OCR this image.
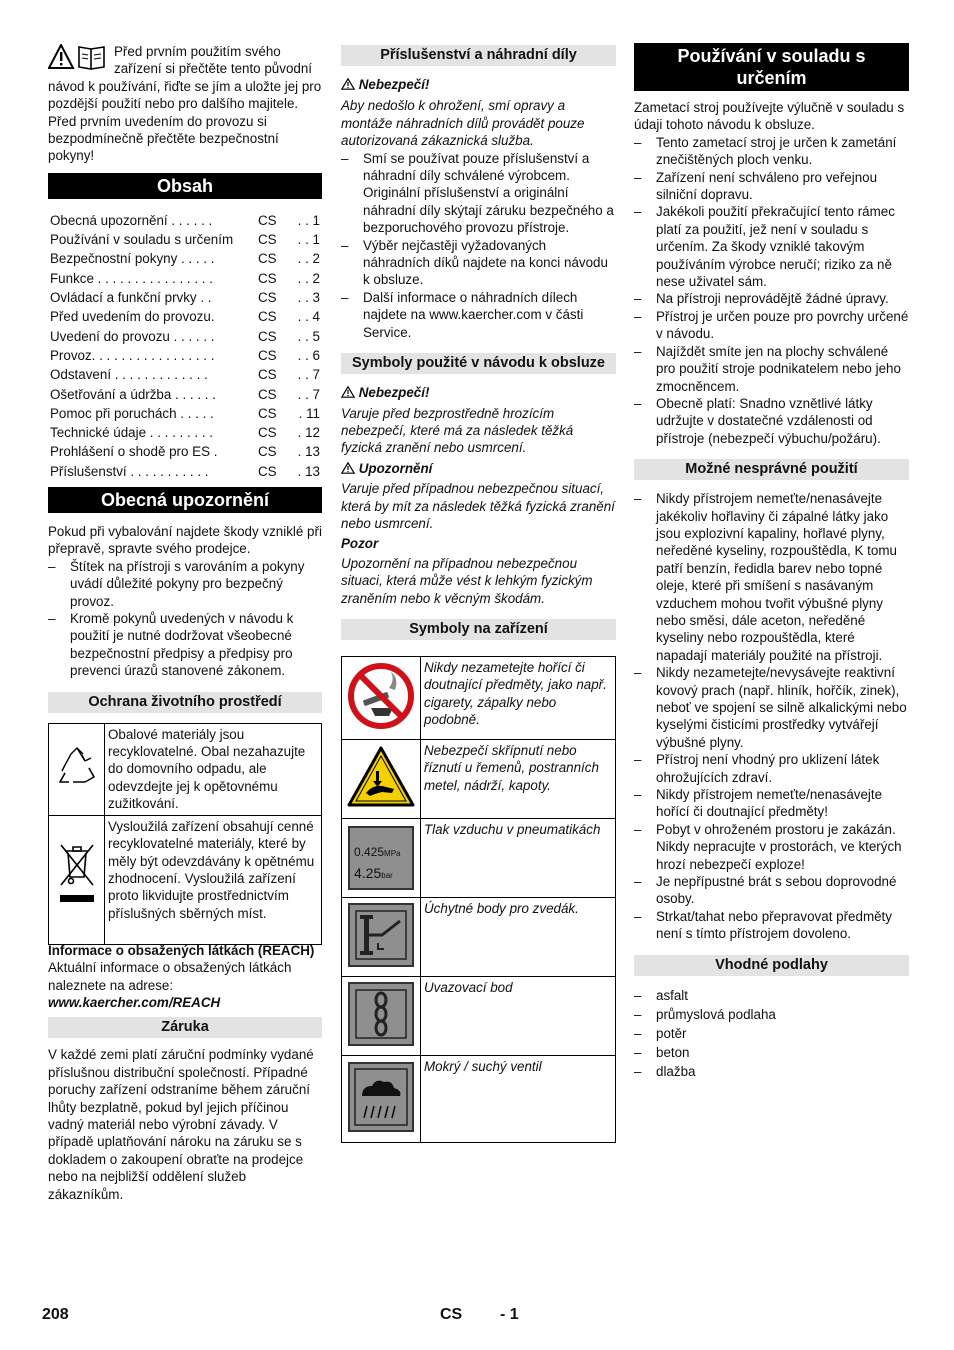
Před prvním použitím svého zařízení si přečtěte tento původní návod k používání, řiďte se jím a uložte jej pro pozdější použití nebo pro dalšího majitele.

Před prvním uvedením do provozu si bezpodmínečně přečtěte bezpečnostní pokyny!

Obsah
Obecná upozornění . . . . . .	CS	. . 1
Používání v souladu s určením	CS	. . 1
Bezpečnostní pokyny . . . . .	CS	. . 2
Funkce . . . . . . . . . . . . . . . .	CS	. . 2
Ovládací a funkční prvky . .	CS	. . 3
Před uvedením do provozu.	CS	. . 4
Uvedení do provozu . . . . . .	CS	. . 5
Provoz. . . . . . . . . . . . . . . . .	CS	. . 6
Odstavení . . . . . . . . . . . . .	CS	. . 7
Ošetřování a údržba . . . . . .	CS	. . 7
Pomoc při poruchách . . . . .	CS	. 11
Technické údaje . . . . . . . . .	CS	. 12
Prohlášení o shodě pro ES .	CS	. 13
Příslušenství . . . . . . . . . . .	CS	. 13
Obecná upozornění

Pokud při vybalování najdete škody vzniklé při přepravě, spravte svého prodejce.

– Štítek na přístroji s varováním a pokyny uvádí důležité pokyny pro bezpečný provoz.
– Kromě pokynů uvedených v návodu k použití je nutné dodržovat všeobecné bezpečnostní předpisy a předpisy pro prevenci úrazů stanovené zákonem.
Ochrana životního prostředí
	Obalové materiály jsou recyklovatelné. Obal nezahazujte do domovního odpadu, ale odevzdejte jej k opětovnému zužitkování.
	Vysloužilá zařízení obsahují cenné recyklovatelné materiály, které by měly být odevzdávány k opětnému zhodnocení. Vysloužilá zařízení proto likvidujte prostřednictvím příslušných sběrných míst.

Informace o obsažených látkách (REACH)

Aktuální informace o obsažených látkách naleznete na adrese:

www.kaercher.com/REACH

Záruka

V každé zemi platí záruční podmínky vydané příslušnou distribuční společností. Případné poruchy zařízení odstraníme během záruční lhůty bezplatně, pokud byl jejich příčinou vadný materiál nebo výrobní závady. V případě uplatňování nároku na záruku se s dokladem o zakoupení obraťte na prodejce nebo na nejbližší oddělení služeb zákazníkům.

Příslušenství a náhradní díly

Nebezpečí!

Aby nedošlo k ohrožení, smí opravy a montáže náhradních dílů provádět pouze autorizovaná zákaznická služba.

– Smí se používat pouze příslušenství a náhradní díly schválené výrobcem. Originální příslušenství a originální náhradní díly skýtají záruku bezpečného a bezporuchového provozu přístroje.
– Výběr nejčastěji vyžadovaných náhradních díků najdete na konci návodu k obsluze.
– Další informace o náhradních dílech najdete na www.kaercher.com v části Service.
Symboly použité v návodu k obsluze

Nebezpečí!

Varuje před bezprostředně hrozícím nebezpečí, které má za následek těžká fyzická zranění nebo usmrcení.

Upozornění

Varuje před případnou nebezpečnou situací, která by mít za následek těžká fyzická zranění nebo usmrcení.

Pozor

Upozornění na případnou nebezpečnou situaci, která může vést k lehkým fyzickým zraněním nebo k věcným škodám.

Symboly na zařízení
	Nikdy nezametejte hořící či doutnající předměty, jako např. cigarety, zápalky nebo podobně.
	Nebezpečí skřípnutí nebo říznutí u řemenů, postranních metel, nádrží, kapoty.

0.425MPa
4.25bar	Tlak vzduchu v pneumatikách
	Úchytné body pro zvedák.
	Uvazovací bod
	Mokrý / suchý ventil
Používání v souladu s určením

Zametací stroj používejte výlučně v souladu s údaji tohoto návodu k obsluze.

– Tento zametací stroj je určen k zametání znečištěných ploch venku.
– Zařízení není schváleno pro veřejnou silniční dopravu.
– Jakékoli použití překračující tento rámec platí za použití, jež není v souladu s určením. Za škody vzniklé takovým používáním výrobce neručí; riziko za ně nese uživatel sám.
– Na přístroji neprovádějtě žádné úpravy.
– Přístroj je určen pouze pro povrchy určené v návodu.
– Najíždět smíte jen na plochy schválené pro použití stroje podnikatelem nebo jeho zmocněncem.
– Obecně platí: Snadno vznětlivé látky udržujte v dostatečné vzdálenosti od přístroje (nebezpečí výbuchu/požáru).
Možné nesprávné použití
– Nikdy přístrojem nemeťte/nenasávejte jakékoliv hořlaviny či zápalné látky jako jsou explozivní kapaliny, hořlavé plyny, neředěné kyseliny, rozpouštědla, K tomu patří benzín, ředidla barev nebo topné oleje, které při smíšení s nasávaným vzduchem mohou tvořit výbušné plyny nebo směsi, dále aceton, neředěné kyseliny nebo rozpouštědla, které napadají materiály použité na přístroji.
– Nikdy nezametejte/nevysávejte reaktivní kovový prach (např. hliník, hořčík, zinek), neboť ve spojení se silně alkalickými nebo kyselými čisticími prostředky vytvářejí výbušné plyny.
– Přístroj není vhodný pro uklizení látek ohrožujících zdraví.
– Nikdy přístrojem nemeťte/nenasávejte hořící či doutnající předměty!
– Pobyt v ohroženém prostoru je zakázán. Nikdy nepracujte v prostorách, ve kterých hrozí nebezpečí exploze!
– Je nepřípustné brát s sebou doprovodné osoby.
– Strkat/tahat nebo přepravovat předměty není s tímto přístrojem dovoleno.
Vhodné podlahy
– asfalt
– průmyslová podlaha
– potěr
– beton
– dlažba
208	CS - 1
